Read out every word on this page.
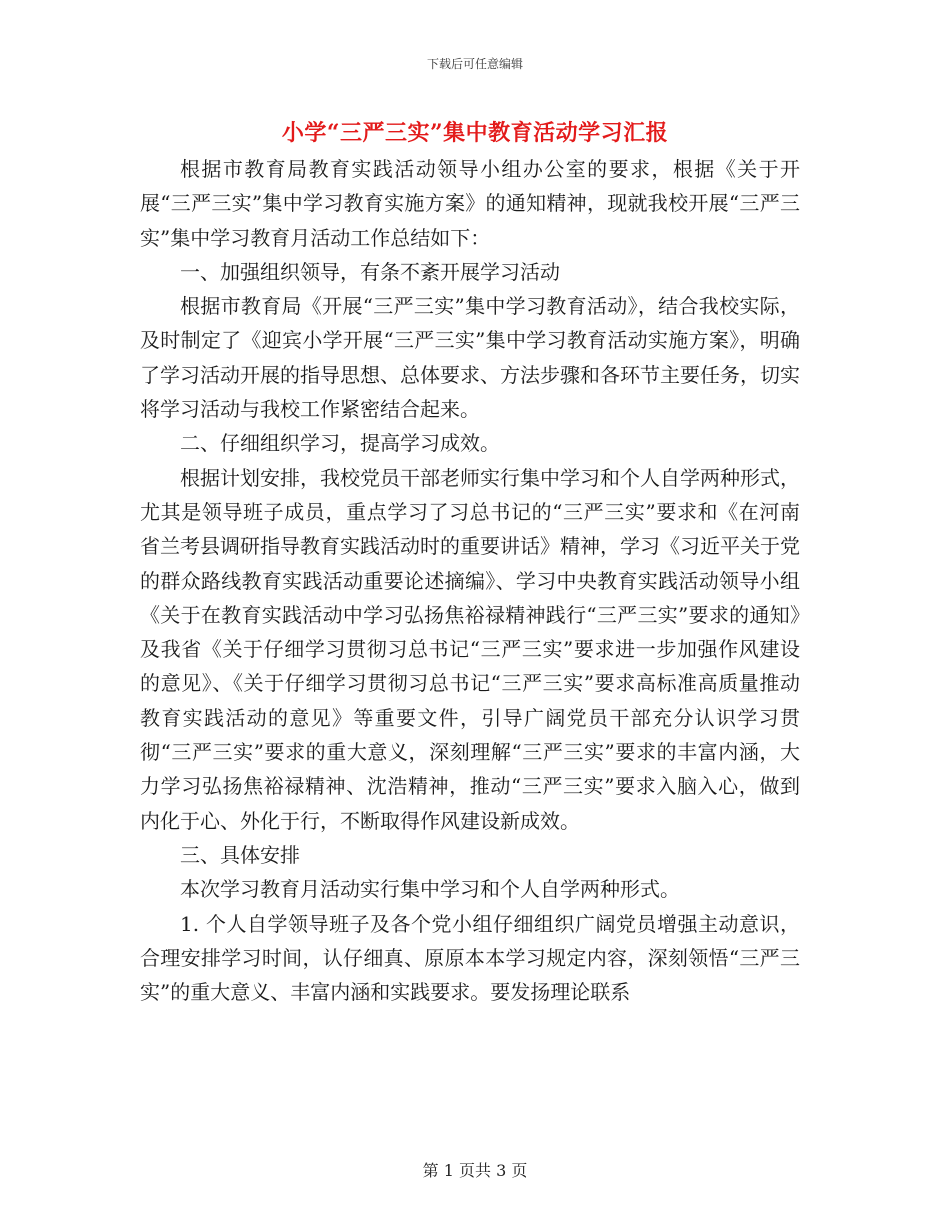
下载后可任意编辑
小学“三严三实”集中教育活动学习汇报

根据市教育局教育实践活动领导小组办公室的要求，根据《关于开展“三严三实”集中学习教育实施方案》的通知精神，现就我校开展“三严三实”集中学习教育月活动工作总结如下：

一、加强组织领导，有条不紊开展学习活动

根据市教育局《开展“三严三实”集中学习教育活动》，结合我校实际，及时制定了《迎宾小学开展“三严三实”集中学习教育活动实施方案》，明确了学习活动开展的指导思想、总体要求、方法步骤和各环节主要任务，切实将学习活动与我校工作紧密结合起来。

二、仔细组织学习，提高学习成效。

根据计划安排，我校党员干部老师实行集中学习和个人自学两种形式，尤其是领导班子成员，重点学习了习总书记的“三严三实”要求和《在河南省兰考县调研指导教育实践活动时的重要讲话》精神，学习《习近平关于党的群众路线教育实践活动重要论述摘编》、学习中央教育实践活动领导小组《关于在教育实践活动中学习弘扬焦裕禄精神践行“三严三实”要求的通知》及我省《关于仔细学习贯彻习总书记“三严三实”要求进一步加强作风建设的意见》、《关于仔细学习贯彻习总书记“三严三实”要求高标准高质量推动教育实践活动的意见》等重要文件，引导广阔党员干部充分认识学习贯彻“三严三实”要求的重大意义，深刻理解“三严三实”要求的丰富内涵，大力学习弘扬焦裕禄精神、沈浩精神，推动“三严三实”要求入脑入心，做到内化于心、外化于行，不断取得作风建设新成效。

三、具体安排

本次学习教育月活动实行集中学习和个人自学两种形式。

1. 个人自学领导班子及各个党小组仔细组织广阔党员增强主动意识，合理安排学习时间，认仔细真、原原本本学习规定内容，深刻领悟“三严三实”的重大意义、丰富内涵和实践要求。要发扬理论联系

第 1 页共 3 页
